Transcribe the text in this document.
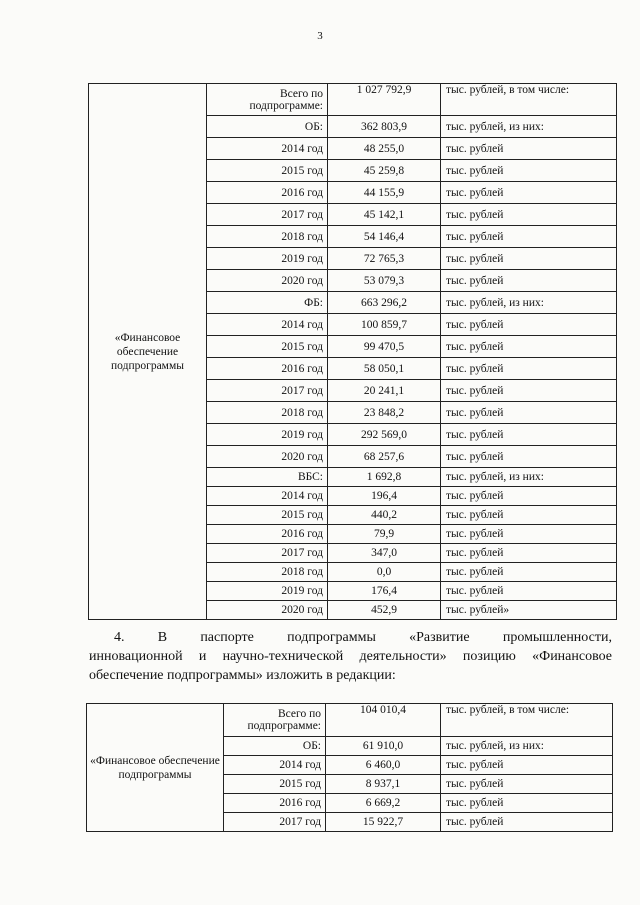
3
«Финансовое обеспечение подпрограммы	Всего по подпрограмме:	1 027 792,9	тыс. рублей, в том числе:
	ОБ:	362 803,9	тыс. рублей, из них:
	2014 год	48 255,0	тыс. рублей
	2015 год	45 259,8	тыс. рублей
	2016 год	44 155,9	тыс. рублей
	2017 год	45 142,1	тыс. рублей
	2018 год	54 146,4	тыс. рублей
	2019 год	72 765,3	тыс. рублей
	2020 год	53 079,3	тыс. рублей
	ФБ:	663 296,2	тыс. рублей, из них:
	2014 год	100 859,7	тыс. рублей
	2015 год	99 470,5	тыс. рублей
	2016 год	58 050,1	тыс. рублей
	2017 год	20 241,1	тыс. рублей
	2018 год	23 848,2	тыс. рублей
	2019 год	292 569,0	тыс. рублей
	2020 год	68 257,6	тыс. рублей
	ВБС:	1 692,8	тыс. рублей, из них:
	2014 год	196,4	тыс. рублей
	2015 год	440,2	тыс. рублей
	2016 год	79,9	тыс. рублей
	2017 год	347,0	тыс. рублей
	2018 год	0,0	тыс. рублей
	2019 год	176,4	тыс. рублей
	2020 год	452,9	тыс. рублей»
4. В паспорте подпрограммы «Развитие промышленности,
инновационной и научно-технической деятельности» позицию «Финансовое обеспечение подпрограммы» изложить в редакции:
«Финансовое обеспечение подпрограммы	Всего по подпрограмме:	104 010,4	тыс. рублей, в том числе:
	ОБ:	61 910,0	тыс. рублей, из них:
	2014 год	6 460,0	тыс. рублей
	2015 год	8 937,1	тыс. рублей
	2016 год	6 669,2	тыс. рублей
	2017 год	15 922,7	тыс. рублей
